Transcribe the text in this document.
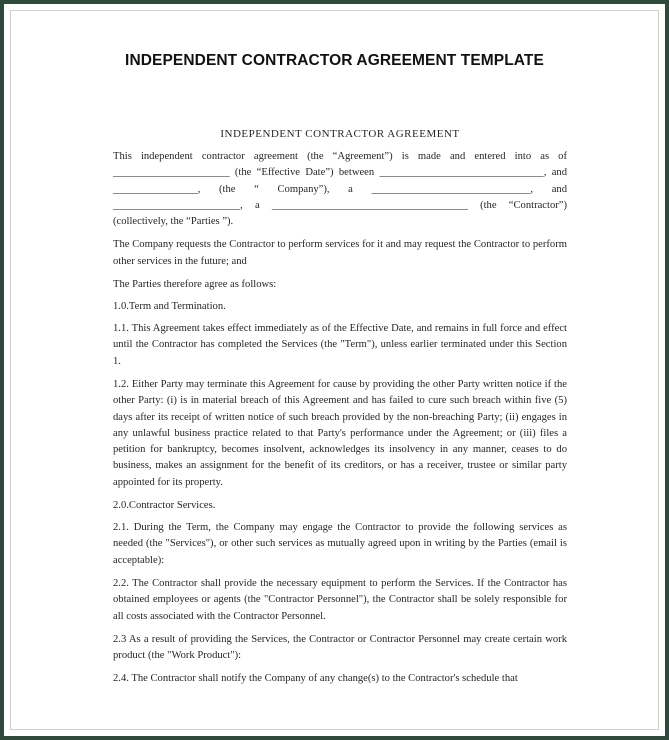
INDEPENDENT CONTRACTOR AGREEMENT TEMPLATE

INDEPENDENT CONTRACTOR AGREEMENT

This independent contractor agreement (the “Agreement”) is made and entered into as of ______________________ (the “Effective Date”) between _______________________________, and ________________, (the “ Company”), a ______________________________, and ________________________, a _____________________________________ (the “Contractor”) (collectively, the “Parties ”).

The Company requests the Contractor to perform services for it and may request the Contractor to perform other services in the future; and

The Parties therefore agree as follows:

1.0.Term and Termination.

1.1. This Agreement takes effect immediately as of the Effective Date, and remains in full force and effect until the Contractor has completed the Services (the "Term"), unless earlier terminated under this Section 1.

1.2. Either Party may terminate this Agreement for cause by providing the other Party written notice if the other Party: (i) is in material breach of this Agreement and has failed to cure such breach within five (5) days after its receipt of written notice of such breach provided by the non-breaching Party; (ii) engages in any unlawful business practice related to that Party's performance under the Agreement; or (iii) files a petition for bankruptcy, becomes insolvent, acknowledges its insolvency in any manner, ceases to do business, makes an assignment for the benefit of its creditors, or has a receiver, trustee or similar party appointed for its property.

2.0.Contractor Services.

2.1. During the Term, the Company may engage the Contractor to provide the following services as needed (the "Services"), or other such services as mutually agreed upon in writing by the Parties (email is acceptable):

2.2. The Contractor shall provide the necessary equipment to perform the Services. If the Contractor has obtained employees or agents (the "Contractor Personnel"), the Contractor shall be solely responsible for all costs associated with the Contractor Personnel.

2.3 As a result of providing the Services, the Contractor or Contractor Personnel may create certain work product (the "Work Product"):

2.4. The Contractor shall notify the Company of any change(s) to the Contractor's schedule that
